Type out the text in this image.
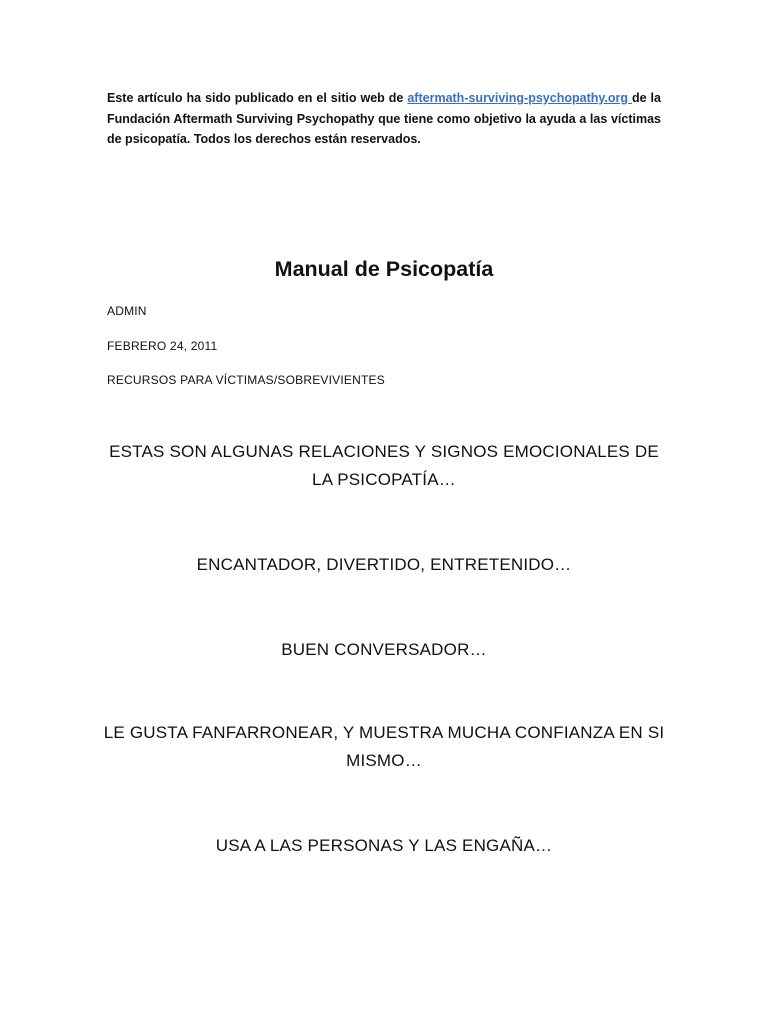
Este artículo ha sido publicado en el sitio web de aftermath-surviving-psychopathy.org de la Fundación Aftermath Surviving Psychopathy que tiene como objetivo la ayuda a las víctimas de psicopatía. Todos los derechos están reservados.

Manual de Psicopatía
ADMIN
FEBRERO 24, 2011
RECURSOS PARA VÍCTIMAS/SOBREVIVIENTES

ESTAS SON ALGUNAS RELACIONES Y SIGNOS EMOCIONALES DE LA PSICOPATÍA…

ENCANTADOR, DIVERTIDO, ENTRETENIDO…

BUEN CONVERSADOR…

LE GUSTA FANFARRONEAR, Y MUESTRA MUCHA CONFIANZA EN SI MISMO…

USA A LAS PERSONAS Y LAS ENGAÑA…
